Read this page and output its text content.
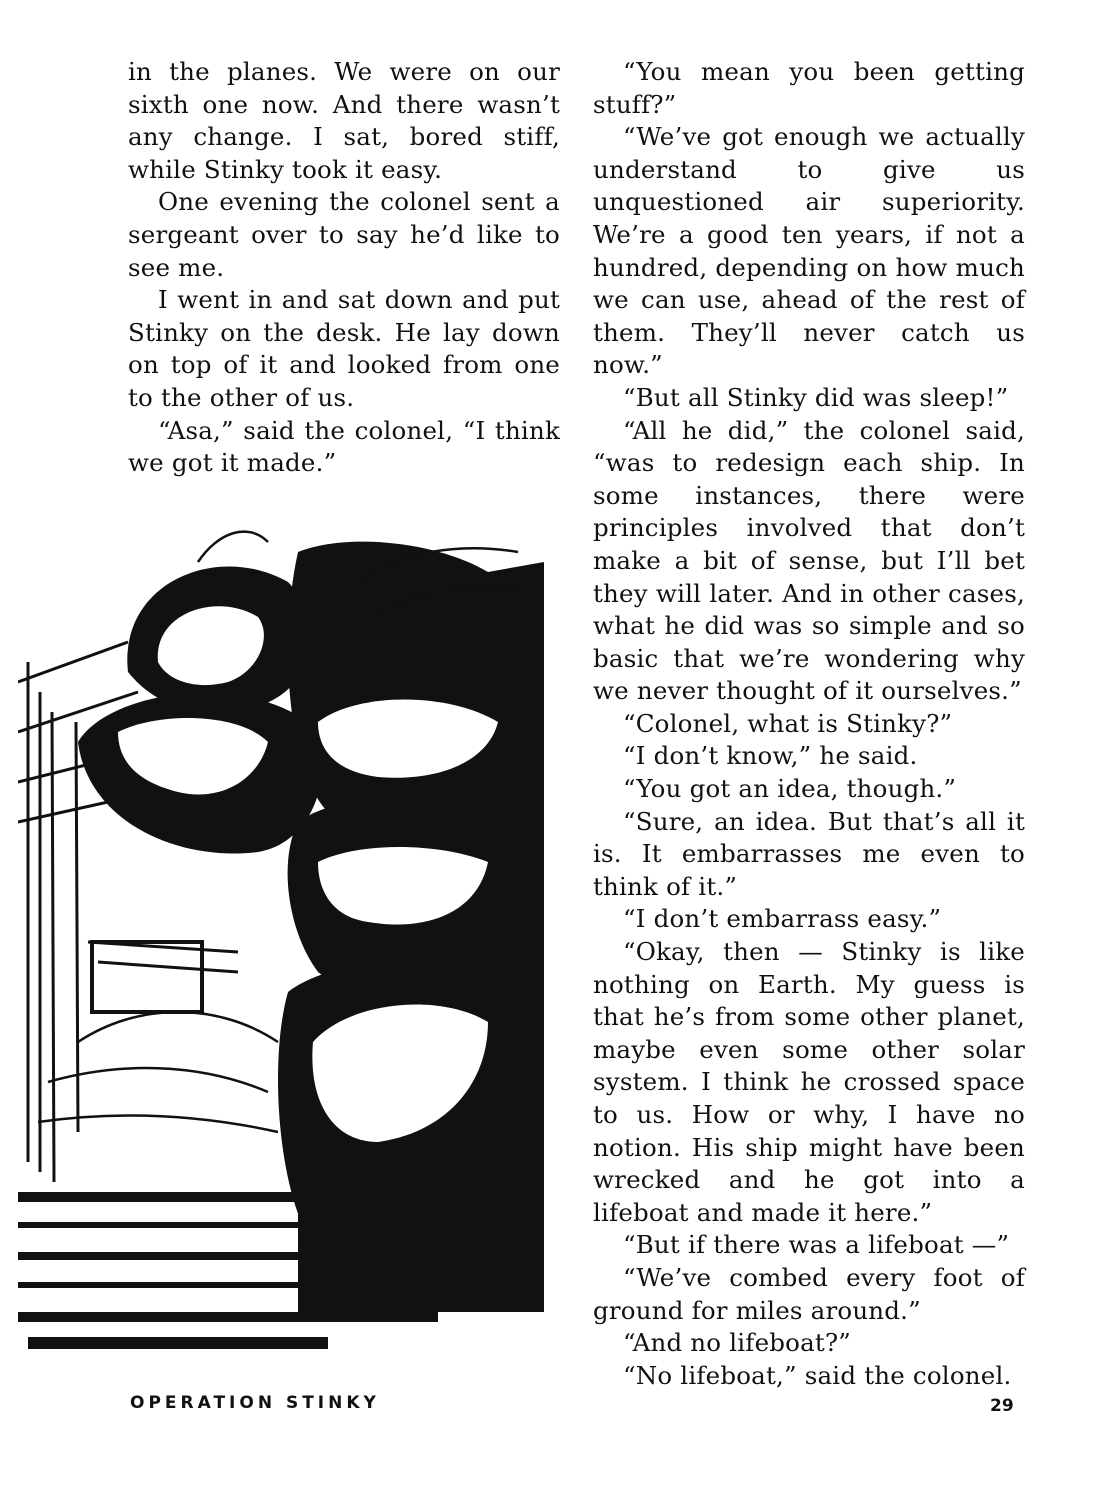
in the planes. We were on our sixth one now. And there wasn’t any change. I sat, bored stiff, while Stinky took it easy.

One evening the colonel sent a sergeant over to say he’d like to see me.

I went in and sat down and put Stinky on the desk. He lay down on top of it and looked from one to the other of us.

“Asa,” said the colonel, “I think we got it made.”

“You mean you been getting stuff?”

“We’ve got enough we actually understand to give us unquestioned air superiority. We’re a good ten years, if not a hundred, depending on how much we can use, ahead of the rest of them. They’ll never catch us now.”

“But all Stinky did was sleep!”

“All he did,” the colonel said, “was to redesign each ship. In some instances, there were principles involved that don’t make a bit of sense, but I’ll bet they will later. And in other cases, what he did was so simple and so basic that we’re wondering why we never thought of it ourselves.”

“Colonel, what is Stinky?”

“I don’t know,” he said.

“You got an idea, though.”

“Sure, an idea. But that’s all it is. It embarrasses me even to think of it.”

“I don’t embarrass easy.”

“Okay, then — Stinky is like nothing on Earth. My guess is that he’s from some other planet, maybe even some other solar system. I think he crossed space to us. How or why, I have no notion. His ship might have been wrecked and he got into a lifeboat and made it here.”

“But if there was a lifeboat —”

“We’ve combed every foot of ground for miles around.”

“And no lifeboat?”

“No lifeboat,” said the colonel.

OPERATION STINKY	29
